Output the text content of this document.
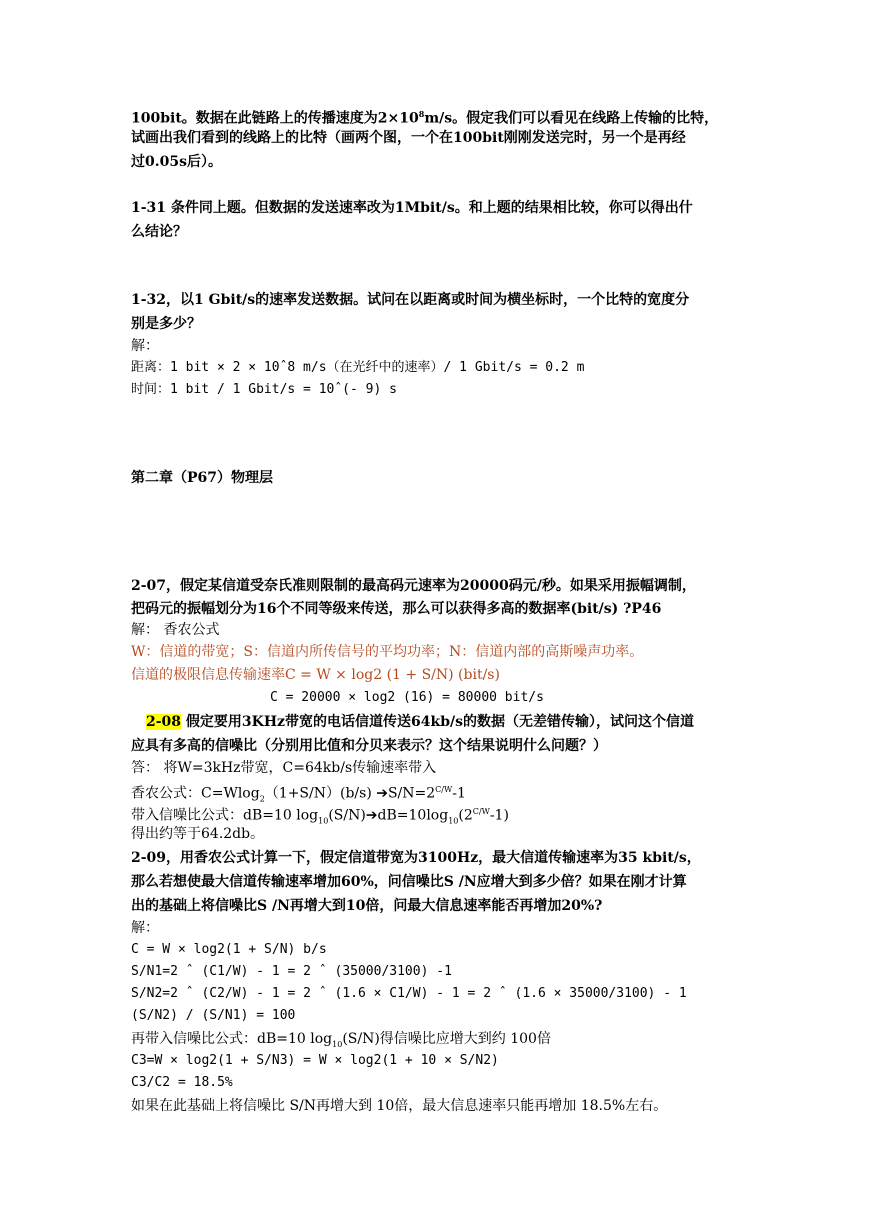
100bit。数据在此链路上的传播速度为$2\times 10^8m/s$。假定我们可以看见在线路上传输的比特，
试画出我们看到的线路上的比特（画两个图，一个在100bit刚刚发送完时，另一个是再经
过0.05s后）。
1-31 条件同上题。但数据的发送速率改为1Mbit/s。和上题的结果相比较，你可以得出什
么结论？
1-32，以1 Gbit/s的速率发送数据。试问在以距离或时间为横坐标时，一个比特的宽度分
别是多少？
解：
距离：1 bit × 2 × 10ˆ8 m/s（在光纤中的速率）/ 1 Gbit/s = 0.2 m
时间：1 bit / 1 Gbit/s = 10ˆ(- 9) s
第二章（P67）物理层
2-07，假定某信道受奈氏准则限制的最高码元速率为20000码元/秒。如果采用振幅调制，
把码元的振幅划分为16个不同等级来传送，那么可以获得多高的数据率(bit/s) ?P46
解： 香农公式
W：信道的带宽；S：信道内所传信号的平均功率；N：信道内部的高斯噪声功率。
信道的极限信息传输速率C = W × log2 (1 + S/N) (bit/s)
C = 20000 × log2 (16) = 80000 bit/s
2-08 假定要用3KHz带宽的电话信道传送64kb/s的数据（无差错传输），试问这个信道
应具有多高的信噪比（分别用比值和分贝来表示？这个结果说明什么问题？）
答： 将W=3kHz带宽，C=64kb/s传输速率带入
香农公式：C=Wlog$_2$（1+S/N）(b/s) $➔S/N=2^{C/W}-1$
带入信噪比公式：dB=10 $\log_{10}(S/N)➔dB=10\log_{10}(2^{C/W}-1)$
得出约等于64.2db。
2-09，用香农公式计算一下，假定信道带宽为3100Hz，最大信道传输速率为35 kbit/s，
那么若想使最大信道传输速率增加60%，问信噪比S /N应增大到多少倍？如果在刚才计算
出的基础上将信噪比S /N再增大到10倍，问最大信息速率能否再增加20%?
解：
C = W × log2(1 + S/N) b/s
S/N1=2 ˆ (C1/W) - 1 = 2 ˆ (35000/3100) -1
S/N2=2 ˆ (C2/W) - 1 = 2 ˆ (1.6 × C1/W) - 1 = 2 ˆ (1.6 × 35000/3100) - 1
(S/N2) / (S/N1) = 100
再带入信噪比公式：dB=10 $\log_{10}(S/N)$得信噪比应增大到约 100倍
C3=W × log2(1 + S/N3) = W × log2(1 + 10 × S/N2)
C3/C2 = 18.5%
如果在此基础上将信噪比 S/N再增大到 10倍，最大信息速率只能再增加 18.5%左右。
